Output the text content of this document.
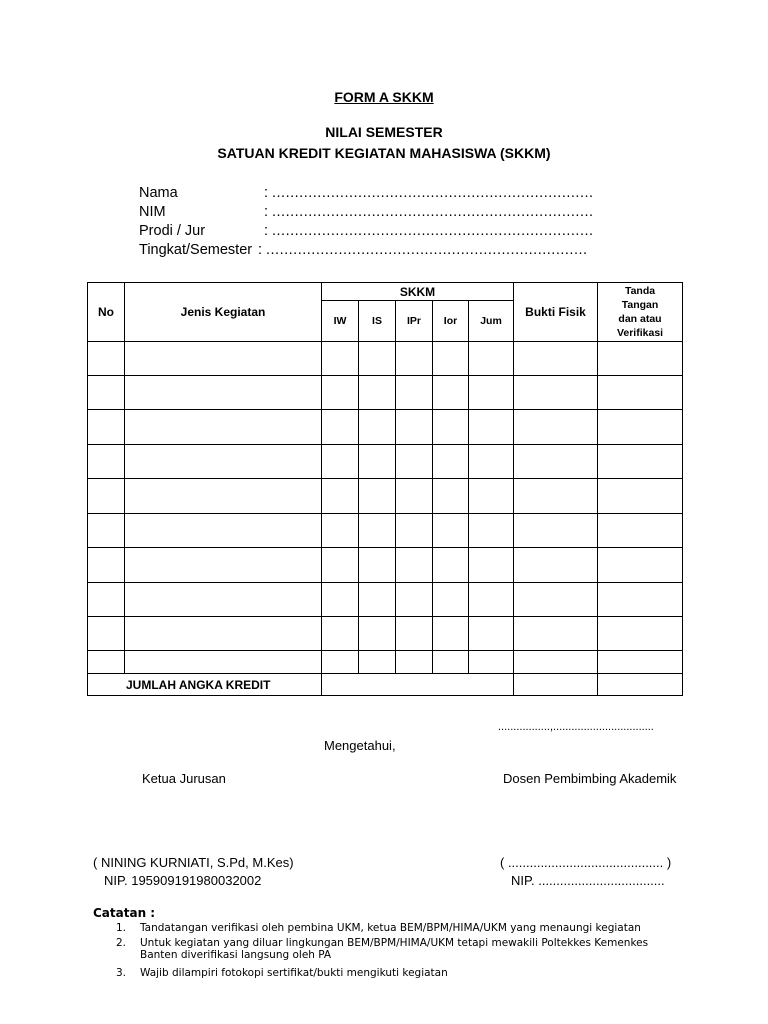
FORM A SKKM
NILAI SEMESTER
SATUAN KREDIT KEGIATAN MAHASISWA (SKKM)
Nama	: .......................................................................
NIM	: .......................................................................
Prodi / Jur	: .......................................................................
Tingkat/Semester : .......................................................................
No	Jenis Kegiatan	SKKM					Bukti Fisik	Tanda
Tangan
dan atau
Verifikasi

		IW	IS	IPr	Ior	Jum		

JUMLAH ANGKA KREDIT								
.................,.................................
Mengetahui,
Ketua Jurusan	Dosen Pembimbing Akademik
( NINING KURNIATI, S.Pd, M.Kes)
NIP. 195909191980032002
( ........................................... )
NIP. ...................................
Catatan :
1. Tandatangan verifikasi oleh pembina UKM, ketua BEM/BPM/HIMA/UKM yang menaungi kegiatan
2. Untuk kegiatan yang diluar lingkungan BEM/BPM/HIMA/UKM tetapi mewakili Poltekkes Kemenkes
Banten diverifikasi langsung oleh PA
3. Wajib dilampiri fotokopi sertifikat/bukti mengikuti kegiatan
